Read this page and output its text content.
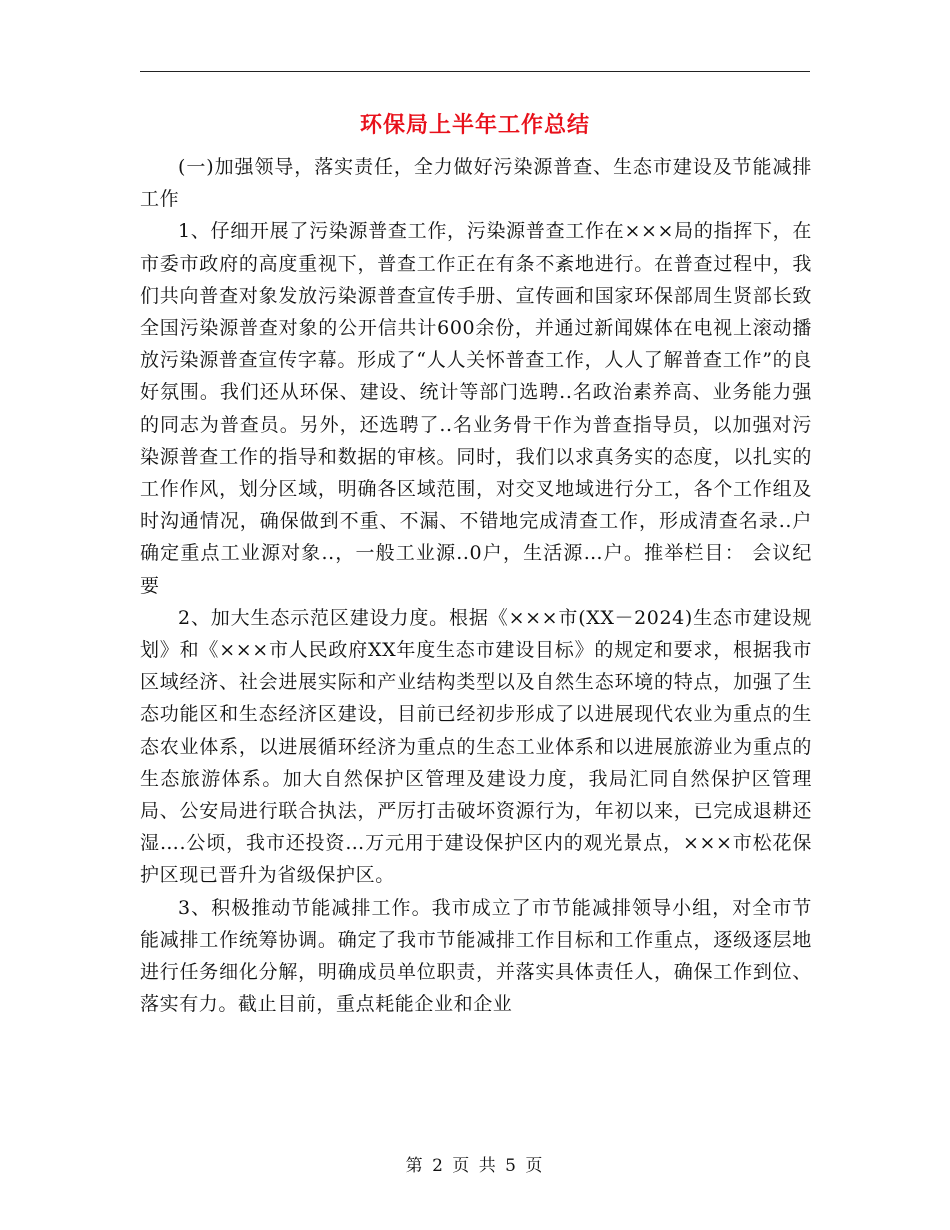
环保局上半年工作总结

(一)加强领导，落实责任，全力做好污染源普查、生态市建设及节能减排工作

1、仔细开展了污染源普查工作，污染源普查工作在×××局的指挥下，在市委市政府的高度重视下，普查工作正在有条不紊地进行。在普查过程中，我们共向普查对象发放污染源普查宣传手册、宣传画和国家环保部周生贤部长致全国污染源普查对象的公开信共计600余份，并通过新闻媒体在电视上滚动播放污染源普查宣传字幕。形成了“人人关怀普查工作，人人了解普查工作”的良好氛围。我们还从环保、建设、统计等部门选聘..名政治素养高、业务能力强的同志为普查员。另外，还选聘了..名业务骨干作为普查指导员，以加强对污染源普查工作的指导和数据的审核。同时，我们以求真务实的态度，以扎实的工作作风，划分区域，明确各区域范围，对交叉地域进行分工，各个工作组及时沟通情况，确保做到不重、不漏、不错地完成清查工作，形成清查名录..户确定重点工业源对象..，一般工业源..0户，生活源…户。推举栏目： 会议纪要

2、加大生态示范区建设力度。根据《×××市(XX－2024)生态市建设规划》和《×××市人民政府XX年度生态市建设目标》的规定和要求，根据我市区域经济、社会进展实际和产业结构类型以及自然生态环境的特点，加强了生态功能区和生态经济区建设，目前已经初步形成了以进展现代农业为重点的生态农业体系，以进展循环经济为重点的生态工业体系和以进展旅游业为重点的生态旅游体系。加大自然保护区管理及建设力度，我局汇同自然保护区管理局、公安局进行联合执法，严厉打击破坏资源行为，年初以来，已完成退耕还湿….公顷，我市还投资…万元用于建设保护区内的观光景点，×××市松花保护区现已晋升为省级保护区。

3、积极推动节能减排工作。我市成立了市节能减排领导小组，对全市节能减排工作统筹协调。确定了我市节能减排工作目标和工作重点，逐级逐层地进行任务细化分解，明确成员单位职责，并落实具体责任人，确保工作到位、落实有力。截止目前，重点耗能企业和企业

第 2 页 共 5 页
